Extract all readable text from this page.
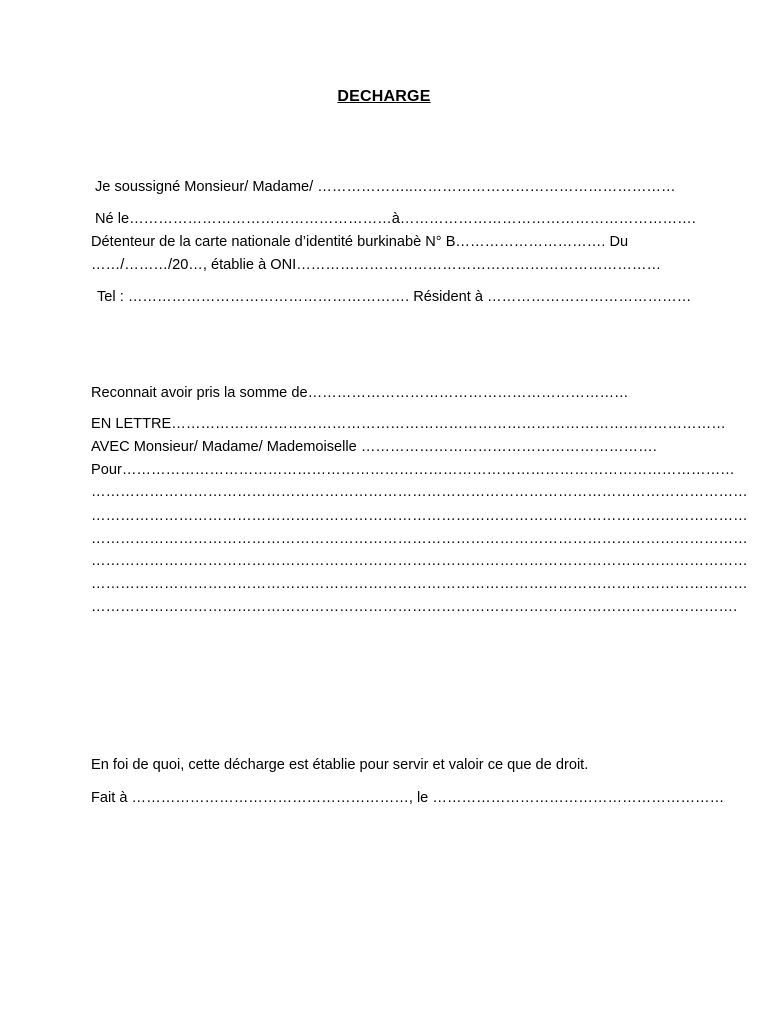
DECHARGE
Je soussigné Monsieur/ Madame/ ………………..………………………………………………
Né le………………………………………………à…………………………………………………….
Détenteur de la carte nationale d’identité burkinabè N° B…………………………. Du
……/………/20…, établie à ONI…………………………………………………………………
Tel : …………………………………………………. Résident à ……………………………………
Reconnait avoir pris la somme de…………………………………………………………
EN LETTRE……………………………………………………………………………………………………
AVEC Monsieur/ Madame/ Mademoiselle …………………………………………………….
Pour………………………………………………………………………………………………………………
………………………………………………………………………………………………………………………
………………………………………………………………………………………………………………………
………………………………………………………………………………………………………………………
………………………………………………………………………………………………………………………
………………………………………………………………………………………………………………………
…………………………………………………………………………………………………………………….
En foi de quoi, cette décharge est établie pour servir et valoir ce que de droit.
Fait à …………………………………………………, le ……………………………………………………
